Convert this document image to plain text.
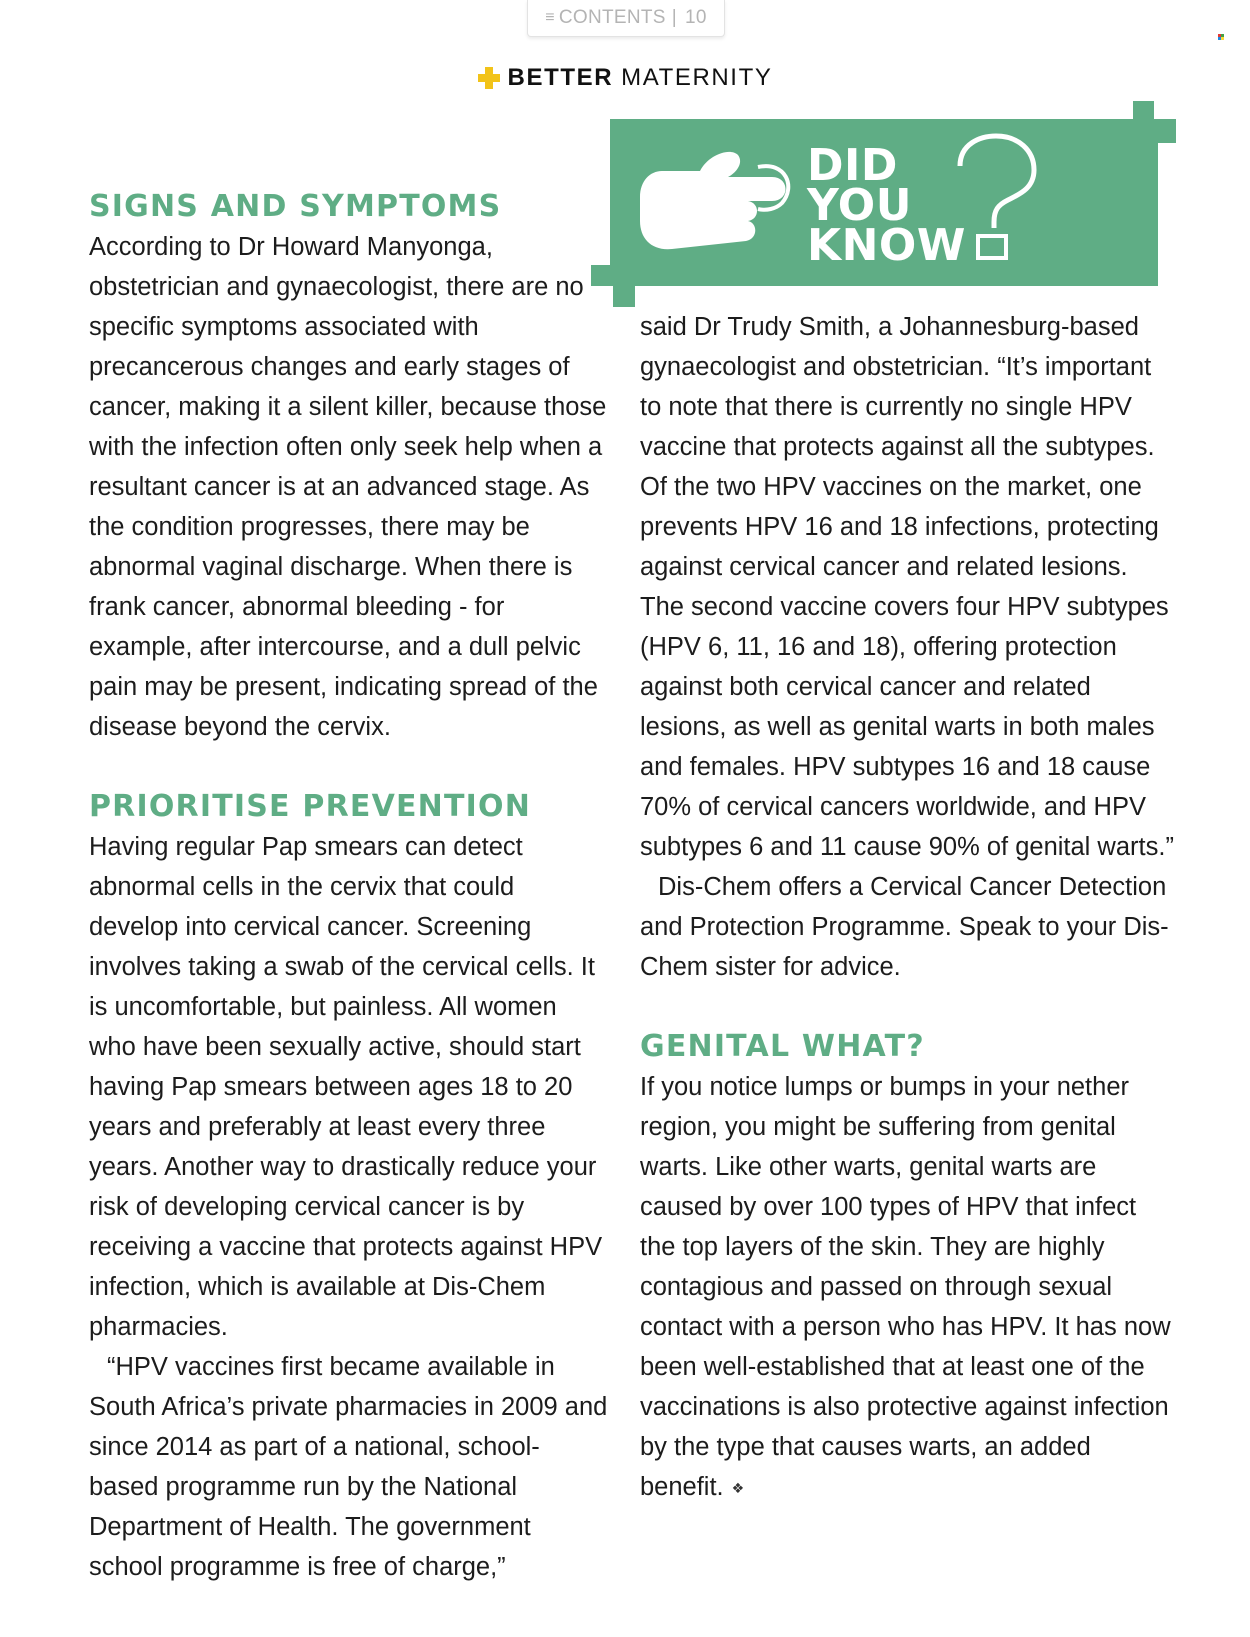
≡ CONTENTS | 10
BETTER MATERNITY
DID
YOU
KNOW
SIGNS AND SYMPTOMS

According to Dr Howard Manyonga, obstetrician and gynaecologist, there are no specific symptoms associated with precancerous changes and early stages of cancer, making it a silent killer, because those with the infection often only seek help when a resultant cancer is at an advanced stage. As the condition progresses, there may be abnormal vaginal discharge. When there is frank cancer, abnormal bleeding - for example, after intercourse, and a dull pelvic pain may be present, indicating spread of the disease beyond the cervix.

PRIORITISE PREVENTION

Having regular Pap smears can detect abnormal cells in the cervix that could develop into cervical cancer. Screening involves taking a swab of the cervical cells. It is uncomfortable, but painless. All women who have been sexually active, should start having Pap smears between ages 18 to 20 years and preferably at least every three years. Another way to drastically reduce your risk of developing cervical cancer is by receiving a vaccine that protects against HPV infection, which is available at Dis-Chem pharmacies.

“HPV vaccines first became available in South Africa’s private pharmacies in 2009 and since 2014 as part of a national, school-based programme run by the National Department of Health. The government school programme is free of charge,”

said Dr Trudy Smith, a Johannesburg-based gynaecologist and obstetrician. “It’s important to note that there is currently no single HPV vaccine that protects against all the subtypes. Of the two HPV vaccines on the market, one prevents HPV 16 and 18 infections, protecting against cervical cancer and related lesions. The second vaccine covers four HPV subtypes (HPV 6, 11, 16 and 18), offering protection against both cervical cancer and related lesions, as well as genital warts in both males and females. HPV subtypes 16 and 18 cause 70% of cervical cancers worldwide, and HPV subtypes 6 and 11 cause 90% of genital warts.”

Dis-Chem offers a Cervical Cancer Detection and Protection Programme. Speak to your Dis-Chem sister for advice.

GENITAL WHAT?

If you notice lumps or bumps in your nether region, you might be suffering from genital warts. Like other warts, genital warts are caused by over 100 types of HPV that infect the top layers of the skin. They are highly contagious and passed on through sexual contact with a person who has HPV. It has now been well-established that at least one of the vaccinations is also protective against infection by the type that causes warts, an added benefit. ❖
